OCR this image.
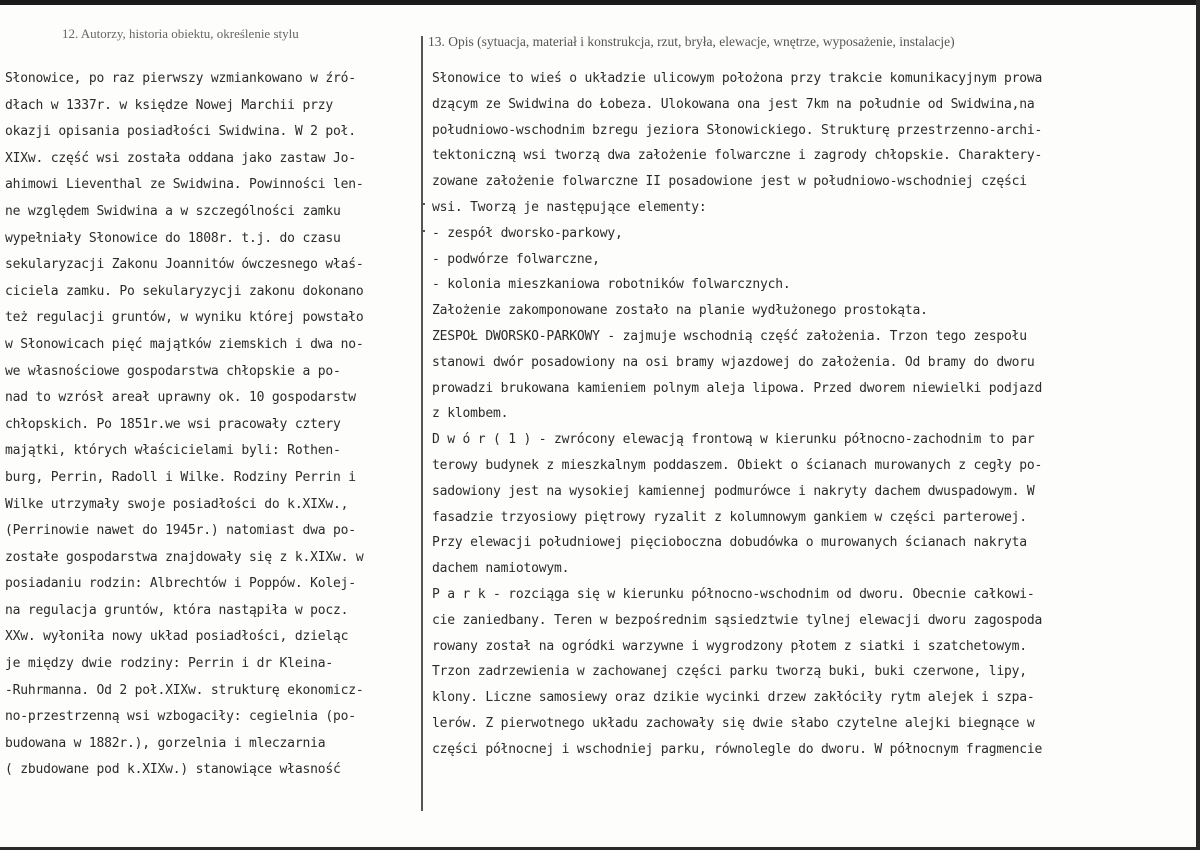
12. Autorzy, historia obiektu, określenie stylu
13. Opis (sytuacja, materiał i konstrukcja, rzut, bryła, elewacje, wnętrze, wyposażenie, instalacje)
Słonowice, po raz pierwszy wzmiankowano w źró-
dłach w 1337r. w księdze Nowej Marchii przy
okazji opisania posiadłości Swidwina. W 2 poł.
XIXw. część wsi została oddana jako zastaw Jo-
ahimowi Lieventhal ze Swidwina. Powinności len-
ne względem Swidwina a w szczególności zamku
wypełniały Słonowice do 1808r. t.j. do czasu
sekularyzacji Zakonu Joannitów ówczesnego właś-
ciciela zamku. Po sekularyzycji zakonu dokonano
też regulacji gruntów, w wyniku której powstało
w Słonowicach pięć majątków ziemskich i dwa no-
we własnościowe gospodarstwa chłopskie a po-
nad to wzrósł areał uprawny ok. 10 gospodarstw
chłopskich. Po 1851r.we wsi pracowały cztery
majątki, których właścicielami byli: Rothen-
burg, Perrin, Radoll i Wilke. Rodziny Perrin i
Wilke utrzymały swoje posiadłości do k.XIXw.,
(Perrinowie nawet do 1945r.) natomiast dwa po-
zostałe gospodarstwa znajdowały się z k.XIXw. w
posiadaniu rodzin: Albrechtów i Poppów. Kolej-
na regulacja gruntów, która nastąpiła w pocz.
XXw. wyłoniła nowy układ posiadłości, dzieląc
je między dwie rodziny: Perrin i dr Kleina-
-Ruhrmanna. Od 2 poł.XIXw. strukturę ekonomicz-
no-przestrzenną wsi wzbogaciły: cegielnia (po-
budowana w 1882r.), gorzelnia i mleczarnia
( zbudowane pod k.XIXw.) stanowiące własność
Słonowice to wieś o układzie ulicowym położona przy trakcie komunikacyjnym prowa
dzącym ze Swidwina do Łobeza. Ulokowana ona jest 7km na południe od Swidwina,na
południowo-wschodnim bzregu jeziora Słonowickiego. Strukturę przestrzenno-archi-
tektoniczną wsi tworzą dwa założenie folwarczne i zagrody chłopskie. Charaktery-
zowane założenie folwarczne II posadowione jest w południowo-wschodniej części
wsi. Tworzą je następujące elementy:
- zespół dworsko-parkowy,
- podwórze folwarczne,
- kolonia mieszkaniowa robotników folwarcznych.
Założenie zakomponowane zostało na planie wydłużonego prostokąta.
ZESPOŁ DWORSKO-PARKOWY - zajmuje wschodnią część założenia. Trzon tego zespołu
stanowi dwór posadowiony na osi bramy wjazdowej do założenia. Od bramy do dworu
prowadzi brukowana kamieniem polnym aleja lipowa. Przed dworem niewielki podjazd
z klombem.
D w ó r ( 1 ) - zwrócony elewacją frontową w kierunku północno-zachodnim to par
terowy budynek z mieszkalnym poddaszem. Obiekt o ścianach murowanych z cegły po-
sadowiony jest na wysokiej kamiennej podmurówce i nakryty dachem dwuspadowym. W
fasadzie trzyosiowy piętrowy ryzalit z kolumnowym gankiem w części parterowej.
Przy elewacji południowej pięcioboczna dobudówka o murowanych ścianach nakryta
dachem namiotowym.
P a r k - rozciąga się w kierunku północno-wschodnim od dworu. Obecnie całkowi-
cie zaniedbany. Teren w bezpośrednim sąsiedztwie tylnej elewacji dworu zagospoda
rowany został na ogródki warzywne i wygrodzony płotem z siatki i szatchetowym.
Trzon zadrzewienia w zachowanej części parku tworzą buki, buki czerwone, lipy,
klony. Liczne samosiewy oraz dzikie wycinki drzew zakłóciły rytm alejek i szpa-
lerów. Z pierwotnego układu zachowały się dwie słabo czytelne alejki biegnące w
części północnej i wschodniej parku, równolegle do dworu. W północnym fragmencie
